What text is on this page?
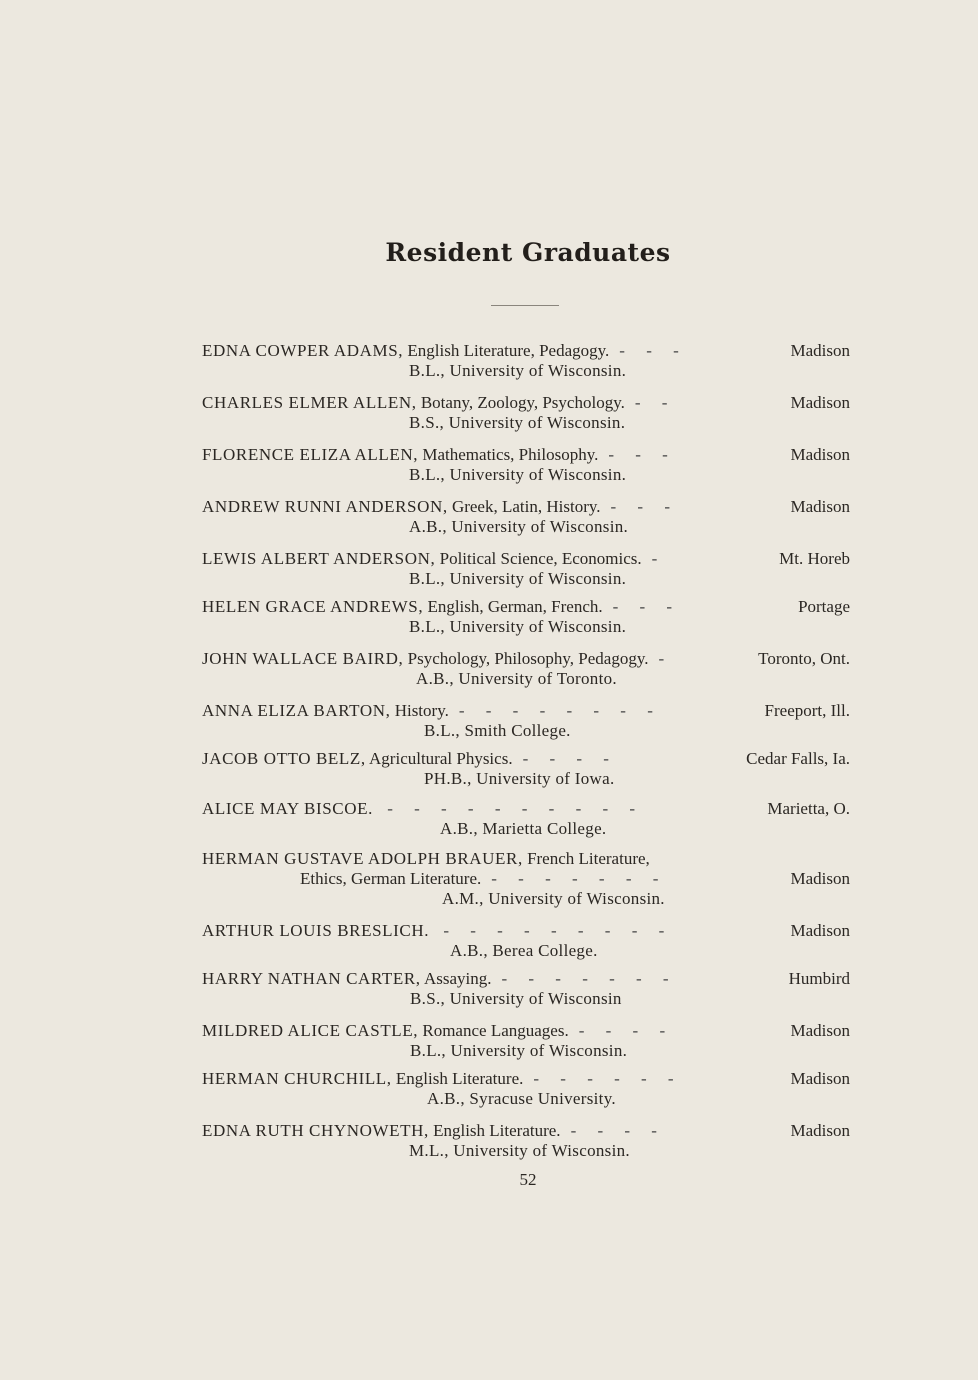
Resident Graduates
EDNA COWPER ADAMS, English Literature, Pedagogy. - - -	Madison
B.L., University of Wisconsin.
CHARLES ELMER ALLEN, Botany, Zoology, Psychology. - -	Madison
B.S., University of Wisconsin.
FLORENCE ELIZA ALLEN, Mathematics, Philosophy. - - -	Madison
B.L., University of Wisconsin.
ANDREW RUNNI ANDERSON, Greek, Latin, History. - - -	Madison
A.B., University of Wisconsin.
LEWIS ALBERT ANDERSON, Political Science, Economics. -	Mt. Horeb
B.L., University of Wisconsin.
HELEN GRACE ANDREWS, English, German, French. - - -	Portage
B.L., University of Wisconsin.
JOHN WALLACE BAIRD, Psychology, Philosophy, Pedagogy. -	Toronto, Ont.
A.B., University of Toronto.
ANNA ELIZA BARTON, History. - - - - - - - -	Freeport, Ill.
B.L., Smith College.
JACOB OTTO BELZ, Agricultural Physics. - - - -	Cedar Falls, Ia.
PH.B., University of Iowa.
ALICE MAY BISCOE. - - - - - - - - - -	Marietta, O.
A.B., Marietta College.
HERMAN GUSTAVE ADOLPH BRAUER, French Literature,
Ethics, German Literature. - - - - - - -	Madison
A.M., University of Wisconsin.
ARTHUR LOUIS BRESLICH. - - - - - - - - -	Madison
A.B., Berea College.
HARRY NATHAN CARTER, Assaying. - - - - - - -	Humbird
B.S., University of Wisconsin
MILDRED ALICE CASTLE, Romance Languages. - - - -	Madison
B.L., University of Wisconsin.
HERMAN CHURCHILL, English Literature. - - - - - -	Madison
A.B., Syracuse University.
EDNA RUTH CHYNOWETH, English Literature. - - - -	Madison
M.L., University of Wisconsin.
52
